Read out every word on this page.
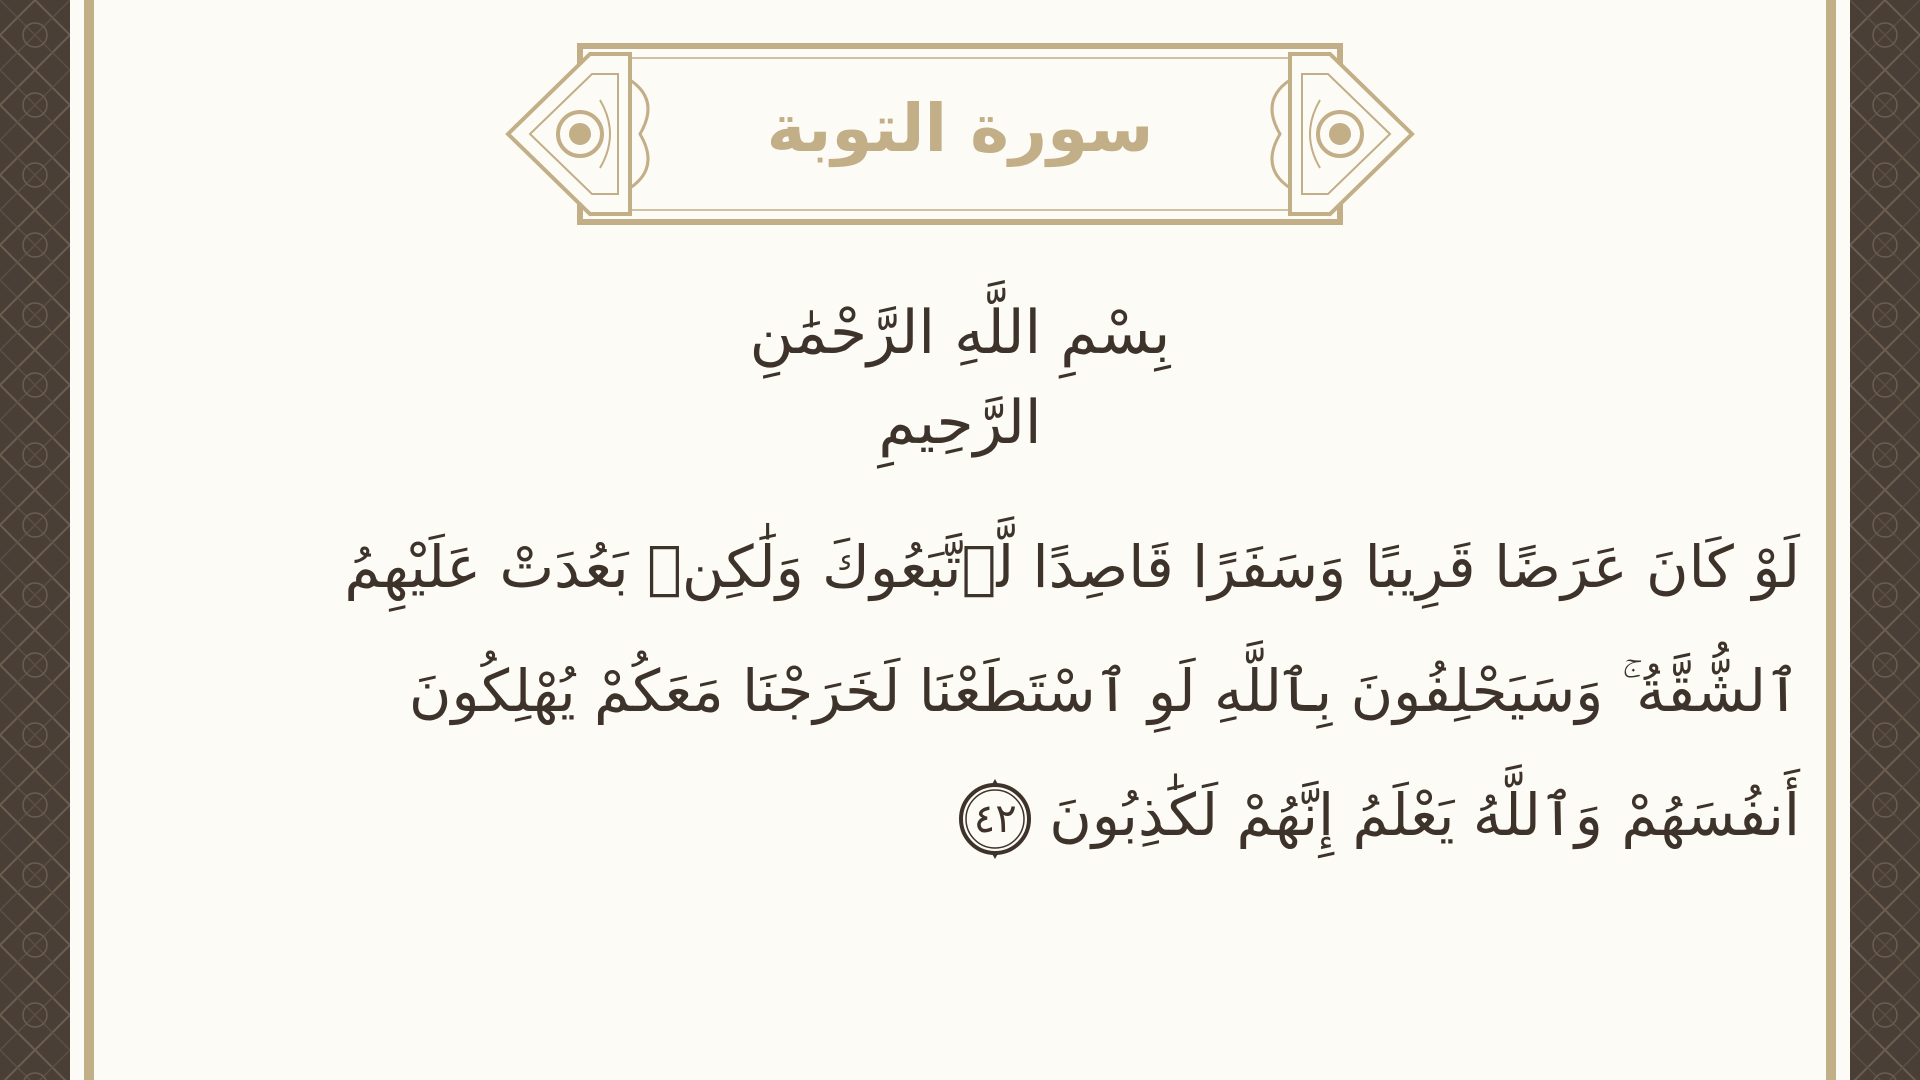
سورة التوبة
بِسْمِ اللَّهِ الرَّحْمَٰنِ الرَّحِيمِ
لَوْ كَانَ عَرَضًا قَرِيبًا وَسَفَرًا قَاصِدًا لَّٱتَّبَعُوكَ وَلَٰكِنۢ بَعُدَتْ عَلَيْهِمُ
ٱلشُّقَّةُ ۚ وَسَيَحْلِفُونَ بِٱللَّهِ لَوِ ٱسْتَطَعْنَا لَخَرَجْنَا مَعَكُمْ يُهْلِكُونَ
أَنفُسَهُمْ وَٱللَّهُ يَعْلَمُ إِنَّهُمْ لَكَٰذِبُونَ
٤٢
